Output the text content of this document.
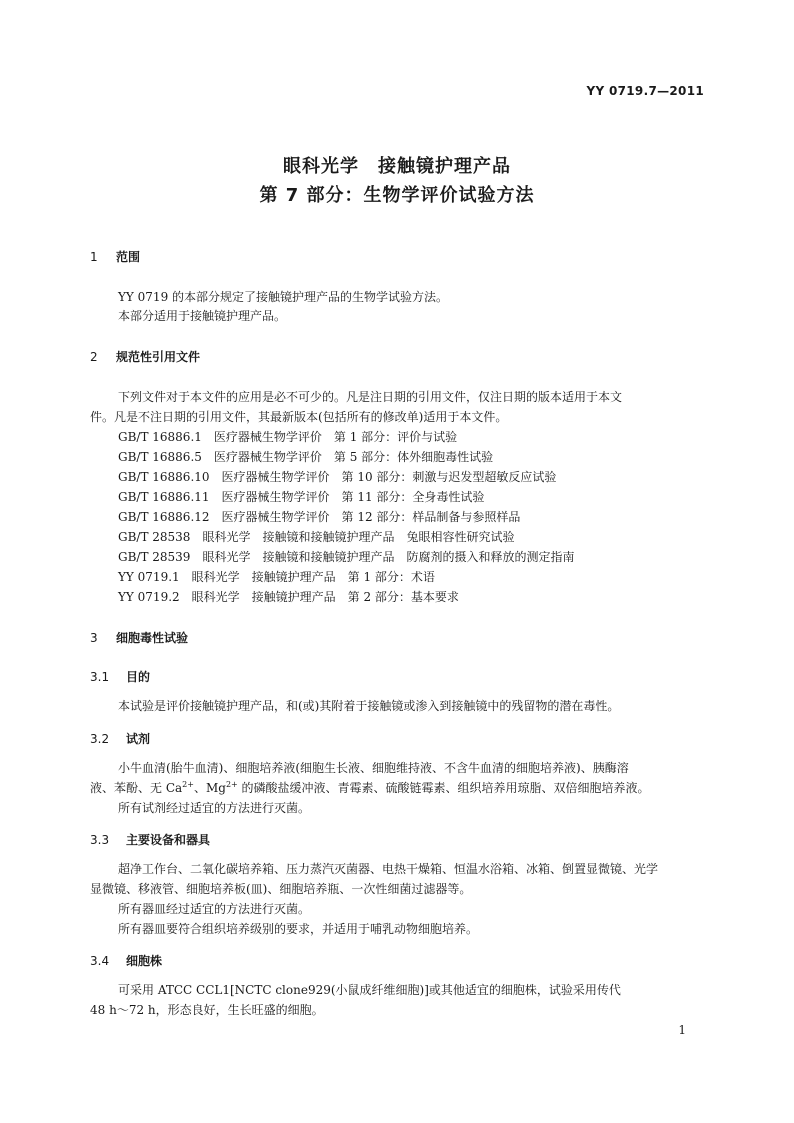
YY 0719.7—2011
眼科光学　接触镜护理产品
第 7 部分：生物学评价试验方法
1 范围
YY 0719 的本部分规定了接触镜护理产品的生物学试验方法。
本部分适用于接触镜护理产品。
2 规范性引用文件
下列文件对于本文件的应用是必不可少的。凡是注日期的引用文件，仅注日期的版本适用于本文
件。凡是不注日期的引用文件，其最新版本(包括所有的修改单)适用于本文件。
GB/T 16886.1　医疗器械生物学评价　第 1 部分：评价与试验
GB/T 16886.5　医疗器械生物学评价　第 5 部分：体外细胞毒性试验
GB/T 16886.10　医疗器械生物学评价　第 10 部分：刺激与迟发型超敏反应试验
GB/T 16886.11　医疗器械生物学评价　第 11 部分：全身毒性试验
GB/T 16886.12　医疗器械生物学评价　第 12 部分：样品制备与参照样品
GB/T 28538　眼科光学　接触镜和接触镜护理产品　兔眼相容性研究试验
GB/T 28539　眼科光学　接触镜和接触镜护理产品　防腐剂的摄入和释放的测定指南
YY 0719.1　眼科光学　接触镜护理产品　第 1 部分：术语
YY 0719.2　眼科光学　接触镜护理产品　第 2 部分：基本要求
3 细胞毒性试验
3.1 目的
本试验是评价接触镜护理产品，和(或)其附着于接触镜或渗入到接触镜中的残留物的潜在毒性。
3.2 试剂
小牛血清(胎牛血清)、细胞培养液(细胞生长液、细胞维持液、不含牛血清的细胞培养液)、胰酶溶
液、苯酚、无 $Ca^{2+}$、$Mg^{2+}$ 的磷酸盐缓冲液、青霉素、硫酸链霉素、组织培养用琼脂、双倍细胞培养液。
所有试剂经过适宜的方法进行灭菌。
3.3 主要设备和器具
超净工作台、二氧化碳培养箱、压力蒸汽灭菌器、电热干燥箱、恒温水浴箱、冰箱、倒置显微镜、光学
显微镜、移液管、细胞培养板(皿)、细胞培养瓶、一次性细菌过滤器等。
所有器皿经过适宜的方法进行灭菌。
所有器皿要符合组织培养级别的要求，并适用于哺乳动物细胞培养。
3.4 细胞株
可采用 ATCC CCL1[NCTC clone929(小鼠成纤维细胞)]或其他适宜的细胞株，试验采用传代
48 h～72 h，形态良好，生长旺盛的细胞。
1
